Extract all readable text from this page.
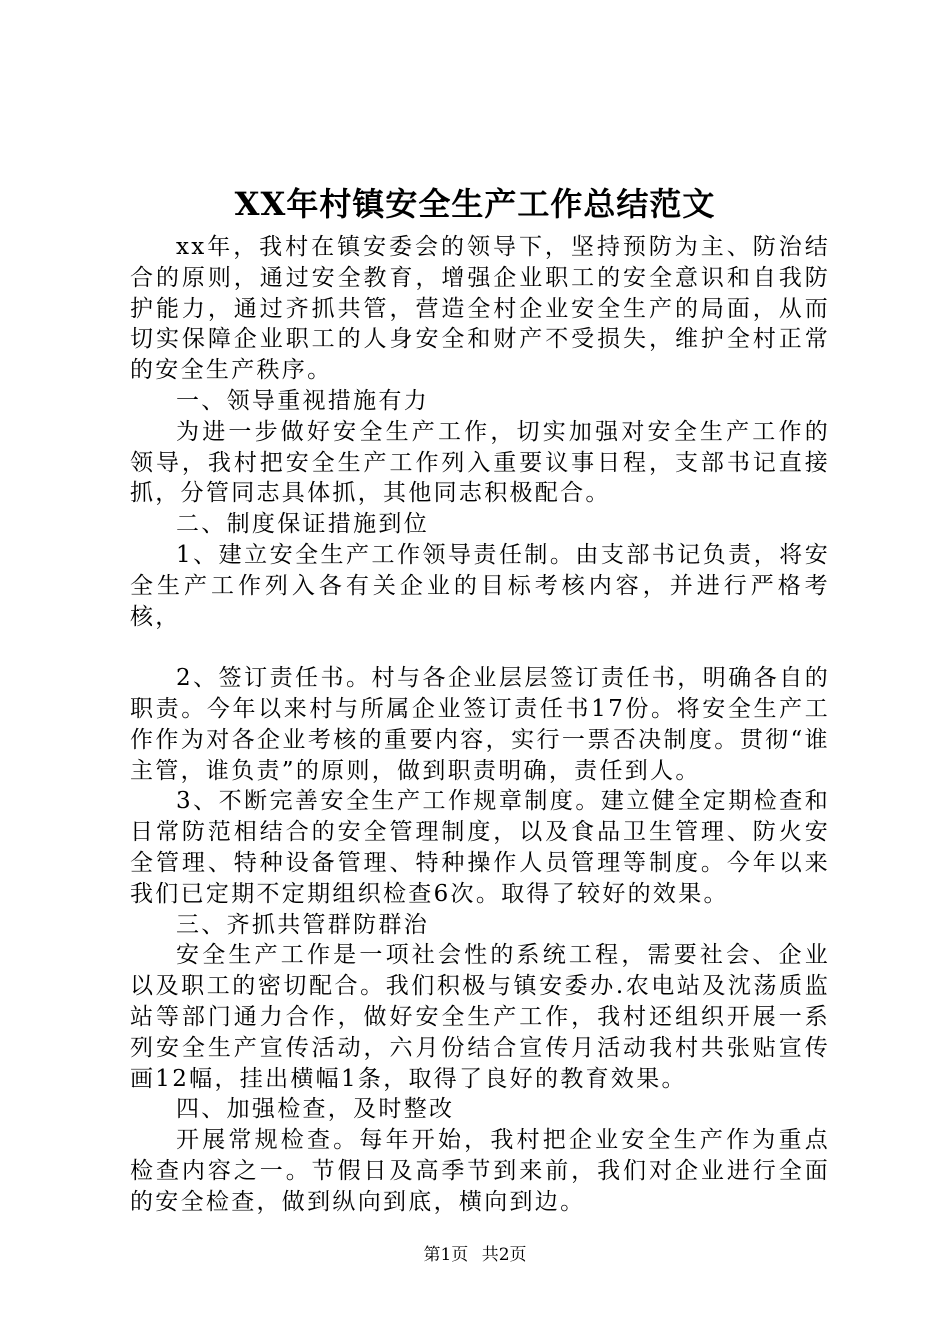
XX年村镇安全生产工作总结范文

xx年，我村在镇安委会的领导下，坚持预防为主、防治结合的原则，通过安全教育，增强企业职工的安全意识和自我防护能力，通过齐抓共管，营造全村企业安全生产的局面，从而切实保障企业职工的人身安全和财产不受损失，维护全村正常的安全生产秩序。

一、领导重视措施有力

为进一步做好安全生产工作，切实加强对安全生产工作的领导，我村把安全生产工作列入重要议事日程，支部书记直接抓，分管同志具体抓，其他同志积极配合。

二、制度保证措施到位

1、建立安全生产工作领导责任制。由支部书记负责，将安全生产工作列入各有关企业的目标考核内容，并进行严格考核，

2、签订责任书。村与各企业层层签订责任书，明确各自的职责。今年以来村与所属企业签订责任书17份。将安全生产工作作为对各企业考核的重要内容，实行一票否决制度。贯彻“谁主管，谁负责”的原则，做到职责明确，责任到人。

3、不断完善安全生产工作规章制度。建立健全定期检查和日常防范相结合的安全管理制度，以及食品卫生管理、防火安全管理、特种设备管理、特种操作人员管理等制度。今年以来我们已定期不定期组织检查6次。取得了较好的效果。

三、齐抓共管群防群治

安全生产工作是一项社会性的系统工程，需要社会、企业以及职工的密切配合。我们积极与镇安委办.农电站及沈荡质监站等部门通力合作，做好安全生产工作，我村还组织开展一系列安全生产宣传活动，六月份结合宣传月活动我村共张贴宣传画12幅，挂出横幅1条，取得了良好的教育效果。

四、加强检查，及时整改

开展常规检查。每年开始，我村把企业安全生产作为重点检查内容之一。节假日及高季节到来前，我们对企业进行全面的安全检查，做到纵向到底，横向到边。

第1页 共2页
